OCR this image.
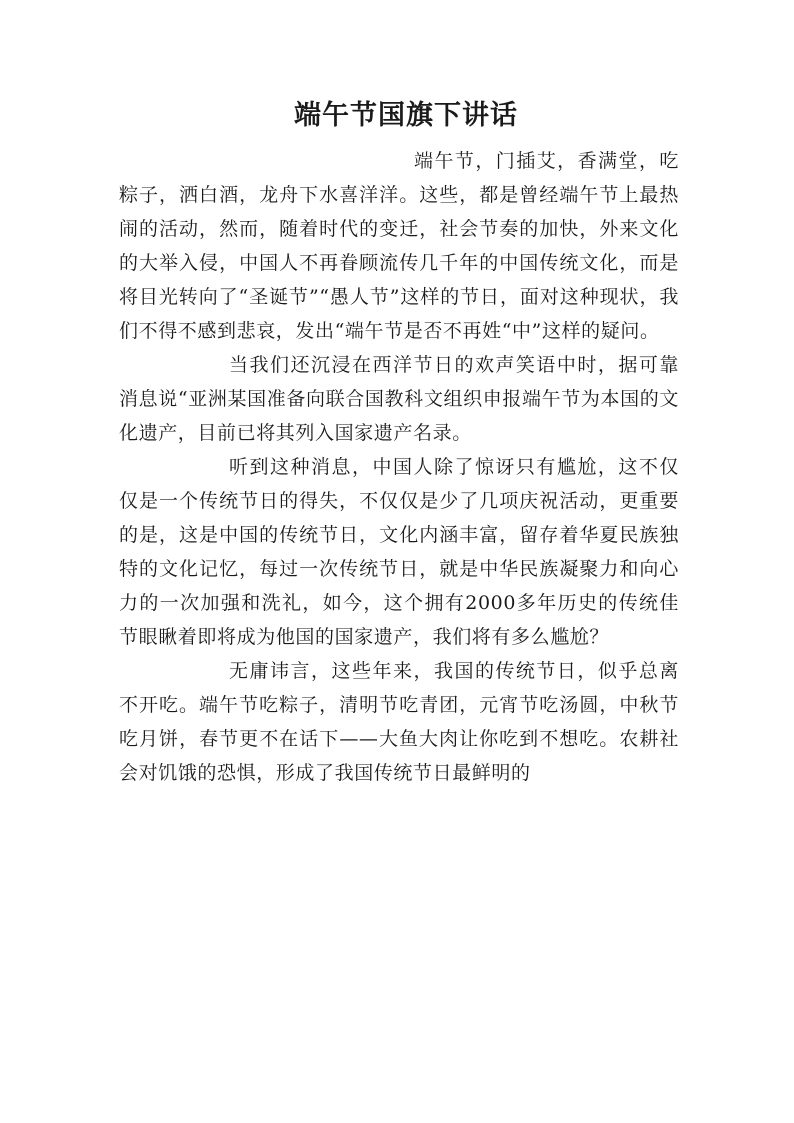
端午节国旗下讲话

端午节，门插艾，香满堂，吃粽子，洒白酒，龙舟下水喜洋洋。这些，都是曾经端午节上最热闹的活动，然而，随着时代的变迁，社会节奏的加快，外来文化的大举入侵，中国人不再眷顾流传几千年的中国传统文化，而是将目光转向了“圣诞节”“愚人节”这样的节日，面对这种现状，我们不得不感到悲哀，发出“端午节是否不再姓“中”这样的疑问。

当我们还沉浸在西洋节日的欢声笑语中时，据可靠消息说“亚洲某国准备向联合国教科文组织申报端午节为本国的文化遗产，目前已将其列入国家遗产名录。

听到这种消息，中国人除了惊讶只有尴尬，这不仅仅是一个传统节日的得失，不仅仅是少了几项庆祝活动，更重要的是，这是中国的传统节日，文化内涵丰富，留存着华夏民族独特的文化记忆，每过一次传统节日，就是中华民族凝聚力和向心力的一次加强和洗礼，如今，这个拥有2000多年历史的传统佳节眼瞅着即将成为他国的国家遗产，我们将有多么尴尬？

无庸讳言，这些年来，我国的传统节日，似乎总离不开吃。端午节吃粽子，清明节吃青团，元宵节吃汤圆，中秋节吃月饼，春节更不在话下——大鱼大肉让你吃到不想吃。农耕社会对饥饿的恐惧，形成了我国传统节日最鲜明的
